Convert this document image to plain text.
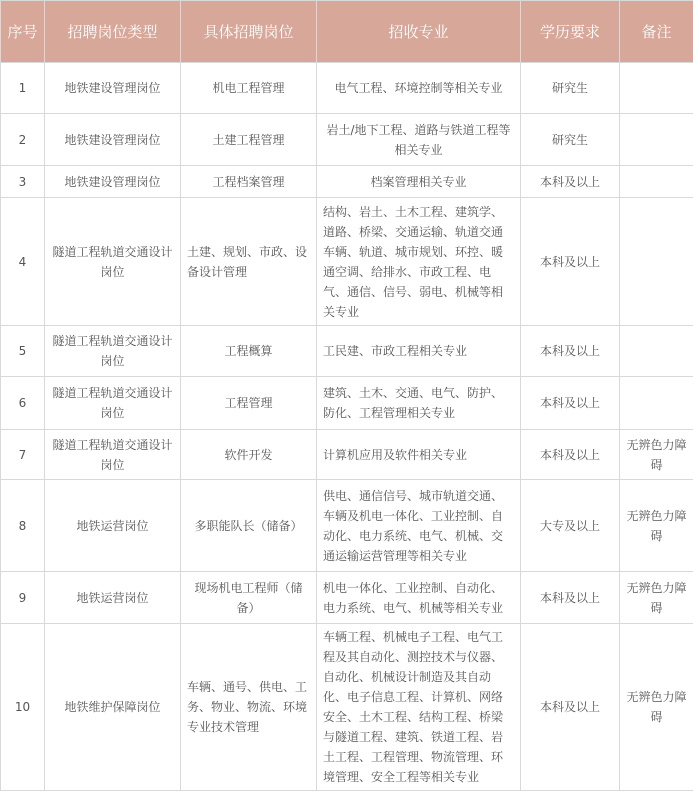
序号	招聘岗位类型	具体招聘岗位	招收专业	学历要求	备注
1	地铁建设管理岗位	机电工程管理	电气工程、环境控制等相关专业	研究生	
2	地铁建设管理岗位	土建工程管理	岩土/地下工程、道路与铁道工程等相关专业	研究生	
3	地铁建设管理岗位	工程档案管理	档案管理相关专业	本科及以上	
4	隧道工程轨道交通设计岗位	土建、规划、市政、设备设计管理	结构、岩土、土木工程、建筑学、道路、桥梁、交通运输、轨道交通车辆、轨道、城市规划、环控、暖通空调、给排水、市政工程、电气、通信、信号、弱电、机械等相关专业	本科及以上	
5	隧道工程轨道交通设计岗位	工程概算	工民建、市政工程相关专业	本科及以上	
6	隧道工程轨道交通设计岗位	工程管理	建筑、土木、交通、电气、防护、防化、工程管理相关专业	本科及以上	
7	隧道工程轨道交通设计岗位	软件开发	计算机应用及软件相关专业	本科及以上	无辨色力障碍
8	地铁运营岗位	多职能队长（储备）	供电、通信信号、城市轨道交通、车辆及机电一体化、工业控制、自动化、电力系统、电气、机械、交通运输运营管理等相关专业	大专及以上	无辨色力障碍
9	地铁运营岗位	现场机电工程师（储备）	机电一体化、工业控制、自动化、电力系统、电气、机械等相关专业	本科及以上	无辨色力障碍
10	地铁维护保障岗位	车辆、通号、供电、工务、物业、物流、环境专业技术管理	车辆工程、机械电子工程、电气工程及其自动化、测控技术与仪器、自动化、机械设计制造及其自动化、电子信息工程、计算机、网络安全、土木工程、结构工程、桥梁与隧道工程、建筑、铁道工程、岩土工程、工程管理、物流管理、环境管理、安全工程等相关专业	本科及以上	无辨色力障碍
